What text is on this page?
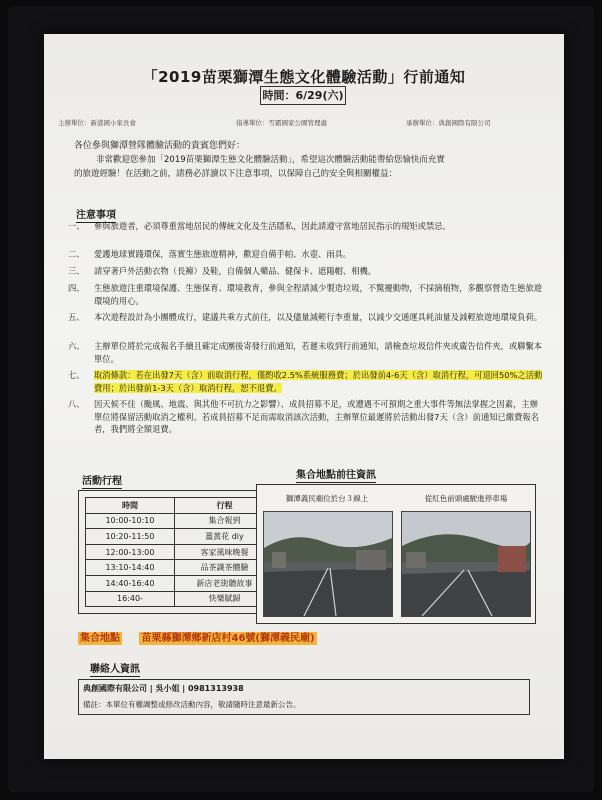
「2019苗栗獅潭生態文化體驗活動」行前通知
時間：6/29(六)
主辦單位：新港國小家長會	指導單位：雪霸國家公園管理處	承辦單位：典創國際有限公司
各位參與獅潭營隊體驗活動的貴賓您們好：
非常歡迎您參加「2019苗栗獅潭生態文化體驗活動」，希望這次體驗活動能帶給您愉快而充實
的旅遊經驗！在活動之前，請務必詳讀以下注意事項，以保障自己的安全與相關權益：
注意事項
一、	參與旅遊者，必須尊重當地居民的傳統文化及生活隱私，因此請遵守當地居民指示的規矩或禁忌。
二、	愛護地球實踐環保，落實生態旅遊精神，歡迎自備手帕、水壺、雨具。
三、	請穿著戶外活動衣物（長褲）及鞋，自備個人藥品、健保卡、遮陽帽、相機。
四、	生態旅遊注重環境保護、生態保育、環境教育，參與全程請減少製造垃圾，不驚擾動物，不採摘植物，多觀察營造生態旅遊環境的用心。
五、	本次遊程設計為小團體成行，建議共乘方式前往，以及儘量減輕行李重量，以減少交通運具耗油量及減輕旅遊地環境負荷。
六、	主辦單位將於完成報名手續且確定成團後寄發行前通知，若遲未收到行前通知，請檢查垃圾信件夾或廣告信件夾，或聯繫本單位。
七、	取消條款：若在出發7天（含）前取消行程，僅酌收2.5%系統服務費；於出發前4-6天（含）取消行程，可退回50%之活動費用；於出發前1-3天（含）取消行程，恕不退費。
八、	因天候不佳（颱風、地震、與其他不可抗力之影響）、成員招募不足，或遭遇不可預期之重大事件等無法掌握之因素，主辦單位將保留活動取消之權利。若成員招募不足而需取消該次活動，主辦單位最遲將於活動出發7天（含）前通知已繳費報名者，我們將全額退費。
活動行程
時間	行程
10:00-10:10	集合報到
10:20-11:50	薑黃花 diy
12:00-13:00	客家風味晚餐
13:10-14:40	品茶識茶體驗
14:40-16:40	新店老街聽故事
16:40-	快樂賦歸
集合地點前往資訊
獅潭義民廟位於台３線上	從紅色前頭處駛進停車場
集合地點 苗栗縣獅潭鄉新店村46號(獅潭義民廟)
聯絡人資訊
典創國際有限公司 | 吳小姐 | 0981313938
備註：本單位有權調整或修改活動內容，敬請隨時注意最新公告。
